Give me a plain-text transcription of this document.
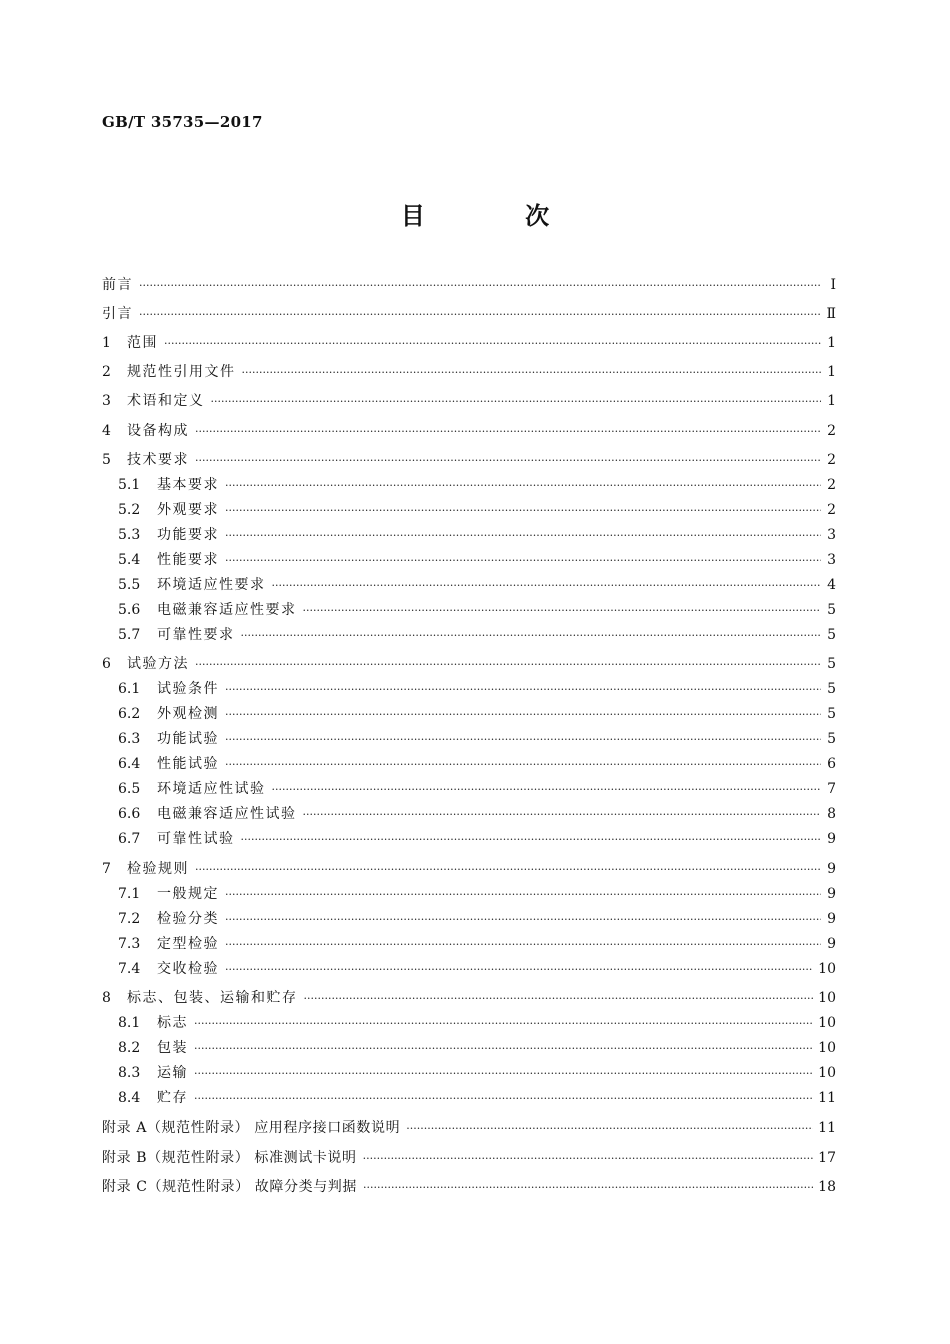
GB/T 35735—2017
目 次
前言 ·····	Ⅰ
引言 ·····	Ⅱ
1	范围 ·····	1
2	规范性引用文件 ·····	1
3	术语和定义 ·····	1
4	设备构成 ·····	2
5	技术要求 ·····	2
5.1	基本要求 ·····	2
5.2	外观要求 ·····	2
5.3	功能要求 ·····	3
5.4	性能要求 ·····	3
5.5	环境适应性要求 ·····	4
5.6	电磁兼容适应性要求 ·····	5
5.7	可靠性要求 ·····	5
6	试验方法 ·····	5
6.1	试验条件 ·····	5
6.2	外观检测 ·····	5
6.3	功能试验 ·····	5
6.4	性能试验 ·····	6
6.5	环境适应性试验 ·····	7
6.6	电磁兼容适应性试验 ·····	8
6.7	可靠性试验 ·····	9
7	检验规则 ·····	9
7.1	一般规定 ·····	9
7.2	检验分类 ·····	9
7.3	定型检验 ·····	9
7.4	交收检验 ·····	10
8	标志、包装、运输和贮存 ·····	10
8.1	标志 ·····	10
8.2	包装 ·····	10
8.3	运输 ·····	10
8.4	贮存 ·····	11
附录 A（规范性附录） 应用程序接口函数说明 ·····	11
附录 B（规范性附录） 标准测试卡说明 ·····	17
附录 C（规范性附录） 故障分类与判据 ·····	18
